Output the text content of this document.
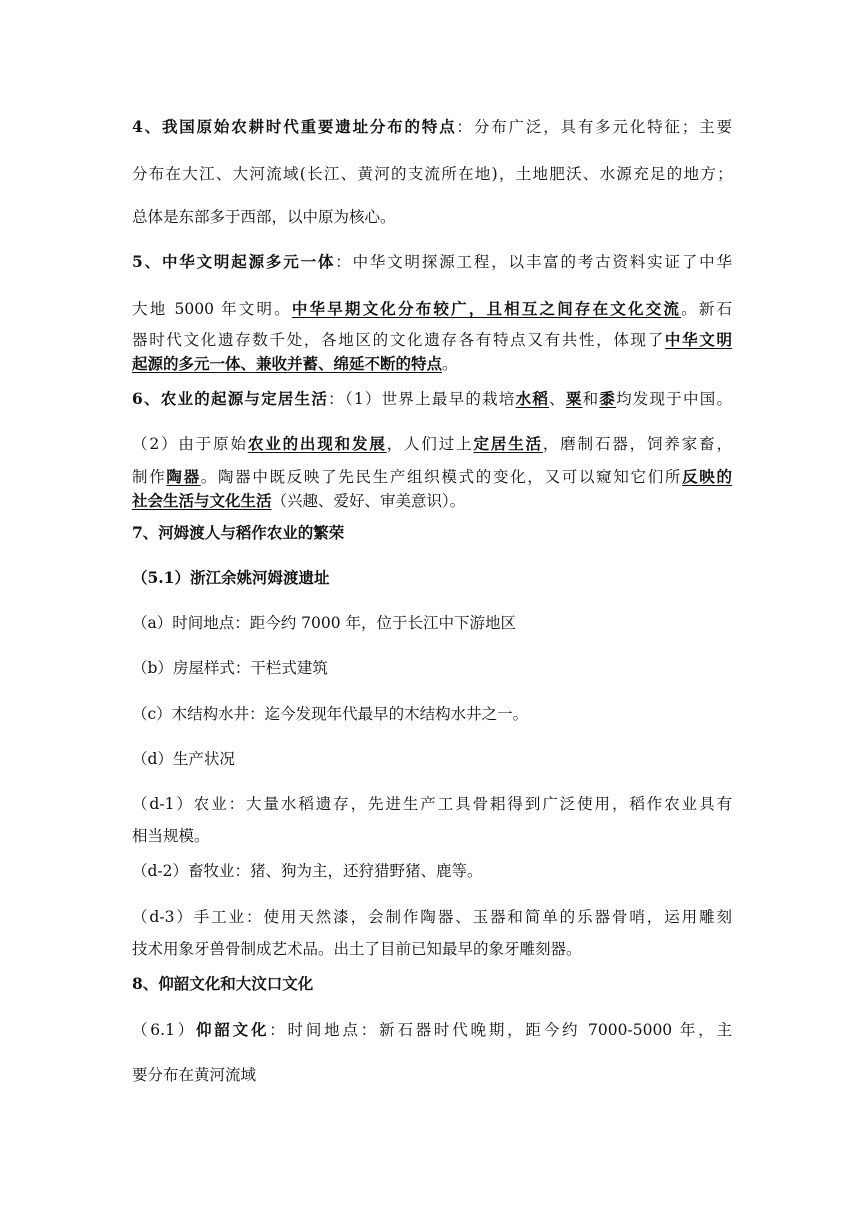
4、我国原始农耕时代重要遗址分布的特点：分布广泛，具有多元化特征；主要
分布在大江、大河流域(长江、黄河的支流所在地)，土地肥沃、水源充足的地方；
总体是东部多于西部，以中原为核心。
5、中华文明起源多元一体：中华文明探源工程，以丰富的考古资料实证了中华
大地 5000 年文明。中华早期文化分布较广，且相互之间存在文化交流。新石
器时代文化遗存数千处，各地区的文化遗存各有特点又有共性，体现了中华文明
起源的多元一体、兼收并蓄、绵延不断的特点。
6、农业的起源与定居生活：（1）世界上最早的栽培水稻、粟和黍均发现于中国。
（2）由于原始农业的出现和发展，人们过上定居生活，磨制石器，饲养家畜，
制作陶器。陶器中既反映了先民生产组织模式的变化，又可以窥知它们所反映的
社会生活与文化生活（兴趣、爱好、审美意识）。
7、河姆渡人与稻作农业的繁荣
（5.1）浙江余姚河姆渡遗址
（a）时间地点：距今约 7000 年，位于长江中下游地区
（b）房屋样式：干栏式建筑
（c）木结构水井：迄今发现年代最早的木结构水井之一。
（d）生产状况
（d-1）农业：大量水稻遗存，先进生产工具骨耜得到广泛使用，稻作农业具有
相当规模。
（d-2）畜牧业：猪、狗为主，还狩猎野猪、鹿等。
（d-3）手工业：使用天然漆，会制作陶器、玉器和简单的乐器骨哨，运用雕刻
技术用象牙兽骨制成艺术品。出土了目前已知最早的象牙雕刻器。
8、仰韶文化和大汶口文化
（6.1）仰韶文化：时间地点：新石器时代晚期，距今约 7000-5000 年，主
要分布在黄河流域
